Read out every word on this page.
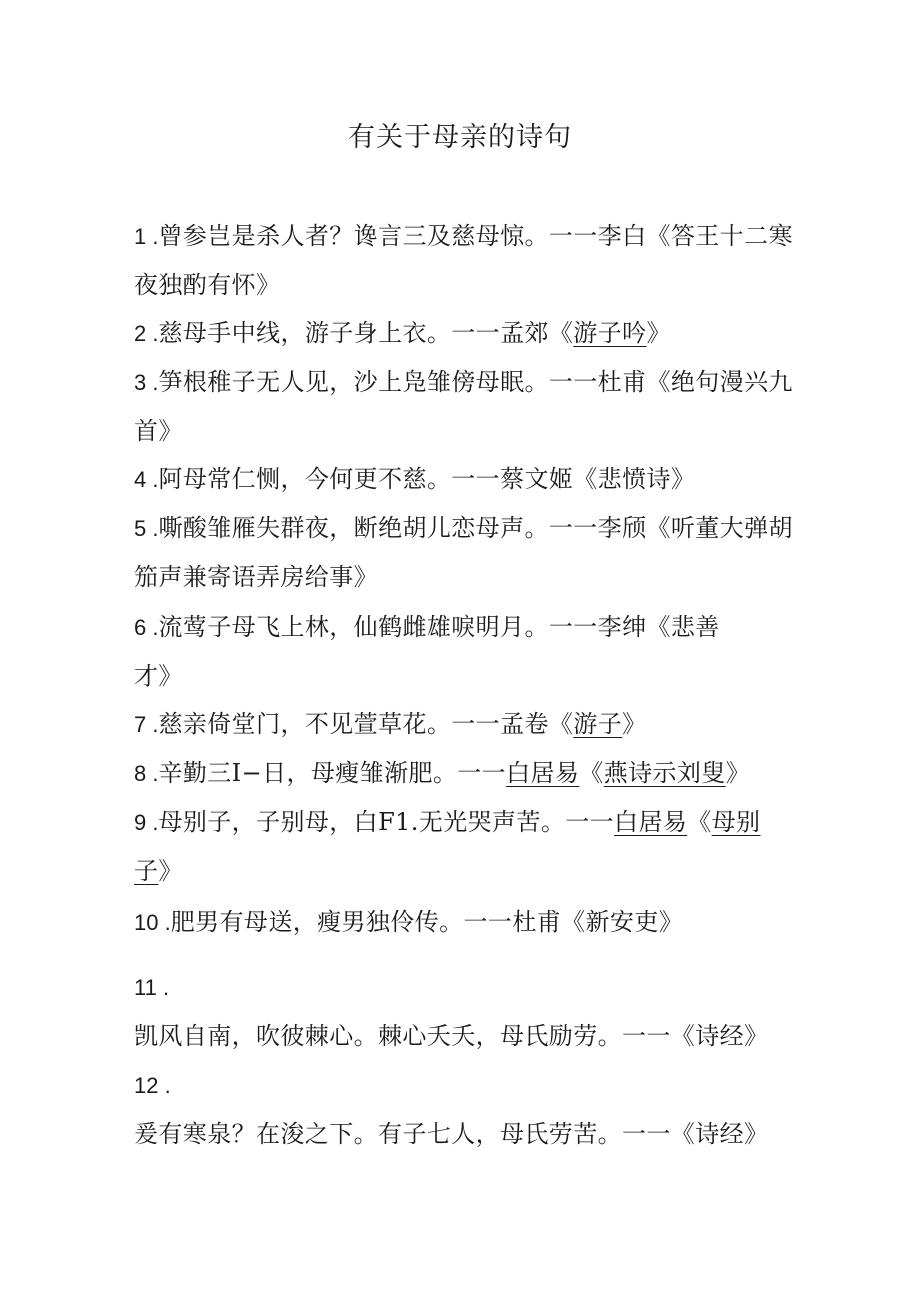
有关于母亲的诗句
1 .曾参岂是杀人者？谗言三及慈母惊。一一李白《答王十二寒夜独酌有怀》
2 .慈母手中线，游子身上衣。一一孟郊《游子吟》
3 .笋根稚子无人见，沙上凫雏傍母眠。一一杜甫《绝句漫兴九首》
4 .阿母常仁恻，今何更不慈。一一蔡文姬《悲愤诗》
5 .嘶酸雏雁失群夜，断绝胡儿恋母声。一一李颀《听董大弹胡笳声兼寄语弄房给事》
6 .流莺子母飞上林，仙鹤雌雄唳明月。一一李绅《悲善才》
7 .慈亲倚堂门，不见萱草花。一一孟卷《游子》
8 .辛勤三I−日，母瘦雏渐肥。一一白居易《燕诗示刘叟》
9 .母别子，子别母，白F1.无光哭声苦。一一白居易《母别子》
10 .肥男有母送，瘦男独伶传。一一杜甫《新安吏》
11 .凯风自南，吹彼棘心。棘心夭夭，母氏励劳。一一《诗经》
12 .爰有寒泉？在浚之下。有子七人，母氏劳苦。一一《诗经》
